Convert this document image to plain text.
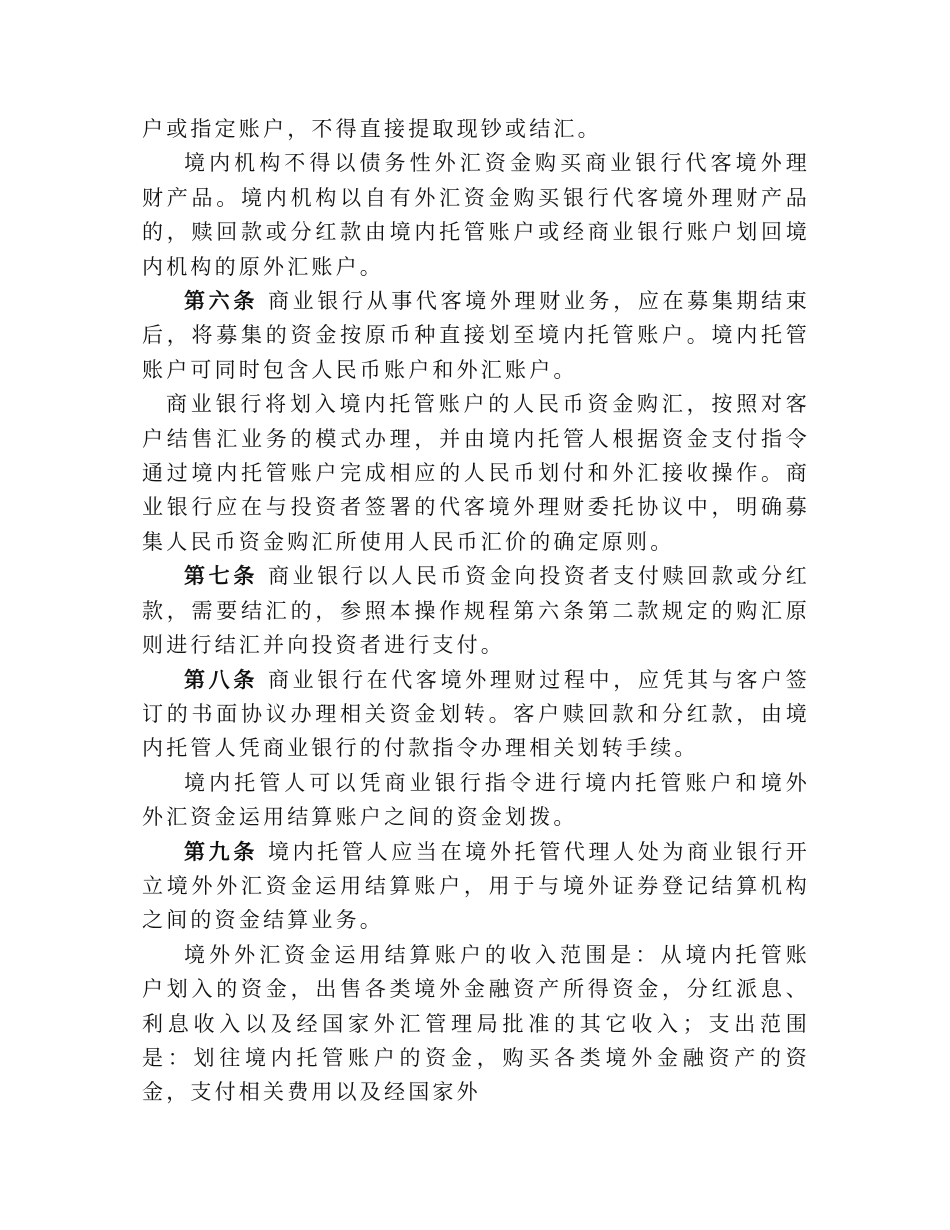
户或指定账户，不得直接提取现钞或结汇。

境内机构不得以债务性外汇资金购买商业银行代客境外理财产品。境内机构以自有外汇资金购买银行代客境外理财产品的，赎回款或分红款由境内托管账户或经商业银行账户划回境内机构的原外汇账户。

第六条 商业银行从事代客境外理财业务，应在募集期结束后，将募集的资金按原币种直接划至境内托管账户。境内托管账户可同时包含人民币账户和外汇账户。

商业银行将划入境内托管账户的人民币资金购汇，按照对客户结售汇业务的模式办理，并由境内托管人根据资金支付指令通过境内托管账户完成相应的人民币划付和外汇接收操作。商业银行应在与投资者签署的代客境外理财委托协议中，明确募集人民币资金购汇所使用人民币汇价的确定原则。

第七条 商业银行以人民币资金向投资者支付赎回款或分红款，需要结汇的，参照本操作规程第六条第二款规定的购汇原则进行结汇并向投资者进行支付。

第八条 商业银行在代客境外理财过程中，应凭其与客户签订的书面协议办理相关资金划转。客户赎回款和分红款，由境内托管人凭商业银行的付款指令办理相关划转手续。

境内托管人可以凭商业银行指令进行境内托管账户和境外外汇资金运用结算账户之间的资金划拨。

第九条 境内托管人应当在境外托管代理人处为商业银行开立境外外汇资金运用结算账户，用于与境外证券登记结算机构之间的资金结算业务。

境外外汇资金运用结算账户的收入范围是：从境内托管账户划入的资金，出售各类境外金融资产所得资金，分红派息、利息收入以及经国家外汇管理局批准的其它收入；支出范围是：划往境内托管账户的资金，购买各类境外金融资产的资金，支付相关费用以及经国家外
